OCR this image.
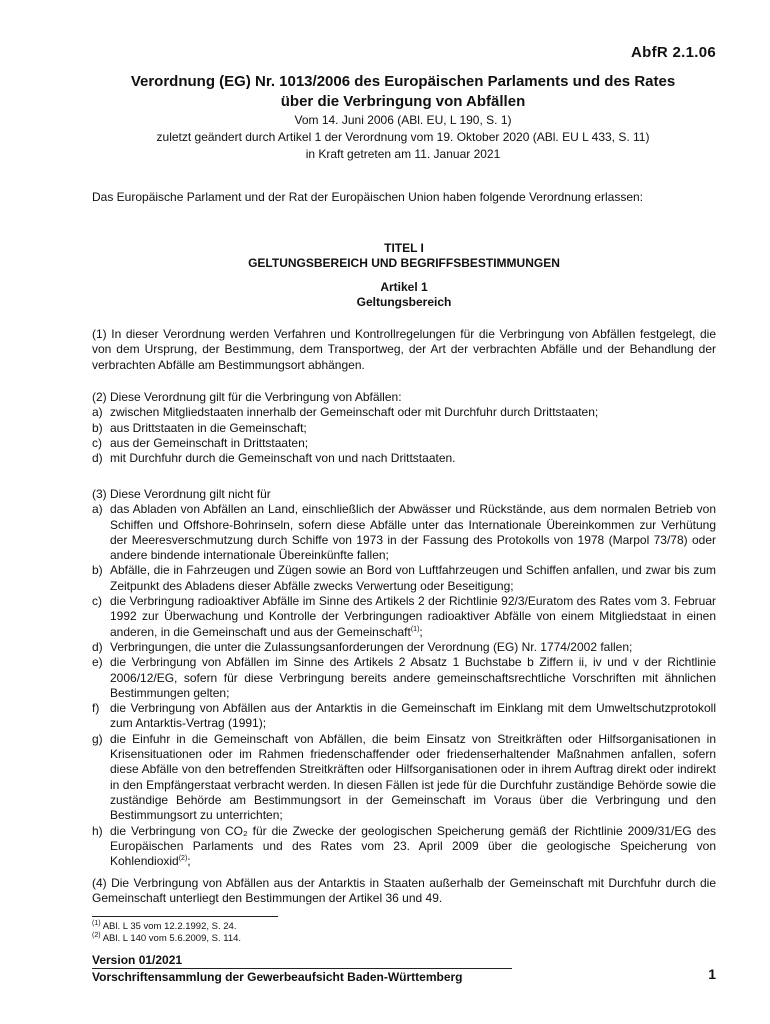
AbfR 2.1.06
Verordnung (EG) Nr. 1013/2006 des Europäischen Parlaments und des Rates
über die Verbringung von Abfällen
Vom 14. Juni 2006 (ABl. EU, L 190, S. 1)
zuletzt geändert durch Artikel 1 der Verordnung vom 19. Oktober 2020 (ABl. EU L 433, S. 11)
in Kraft getreten am 11. Januar 2021
Das Europäische Parlament und der Rat der Europäischen Union haben folgende Verordnung erlassen:
TITEL I
GELTUNGSBEREICH UND BEGRIFFSBESTIMMUNGEN
Artikel 1
Geltungsbereich
(1) In dieser Verordnung werden Verfahren und Kontrollregelungen für die Verbringung von Abfällen festgelegt, die von dem Ursprung, der Bestimmung, dem Transportweg, der Art der verbrachten Abfälle und der Behandlung der verbrachten Abfälle am Bestimmungsort abhängen.
(2) Diese Verordnung gilt für die Verbringung von Abfällen:
a) zwischen Mitgliedstaaten innerhalb der Gemeinschaft oder mit Durchfuhr durch Drittstaaten;
b) aus Drittstaaten in die Gemeinschaft;
c) aus der Gemeinschaft in Drittstaaten;
d) mit Durchfuhr durch die Gemeinschaft von und nach Drittstaaten.
(3) Diese Verordnung gilt nicht für
a) das Abladen von Abfällen an Land, einschließlich der Abwässer und Rückstände, aus dem normalen Betrieb von Schiffen und Offshore-Bohrinseln, sofern diese Abfälle unter das Internationale Übereinkommen zur Verhütung der Meeresverschmutzung durch Schiffe von 1973 in der Fassung des Protokolls von 1978 (Marpol 73/78) oder andere bindende internationale Übereinkünfte fallen;
b) Abfälle, die in Fahrzeugen und Zügen sowie an Bord von Luftfahrzeugen und Schiffen anfallen, und zwar bis zum Zeitpunkt des Abladens dieser Abfälle zwecks Verwertung oder Beseitigung;
c) die Verbringung radioaktiver Abfälle im Sinne des Artikels 2 der Richtlinie 92/3/Euratom des Rates vom 3. Februar 1992 zur Überwachung und Kontrolle der Verbringungen radioaktiver Abfälle von einem Mitgliedstaat in einen anderen, in die Gemeinschaft und aus der Gemeinschaft$^{(1)}$;
d) Verbringungen, die unter die Zulassungsanforderungen der Verordnung (EG) Nr. 1774/2002 fallen;
e) die Verbringung von Abfällen im Sinne des Artikels 2 Absatz 1 Buchstabe b Ziffern ii, iv und v der Richtlinie 2006/12/EG, sofern für diese Verbringung bereits andere gemeinschaftsrechtliche Vorschriften mit ähnlichen Bestimmungen gelten;
f) die Verbringung von Abfällen aus der Antarktis in die Gemeinschaft im Einklang mit dem Umweltschutzprotokoll zum Antarktis-Vertrag (1991);
g) die Einfuhr in die Gemeinschaft von Abfällen, die beim Einsatz von Streitkräften oder Hilfsorganisationen in Krisensituationen oder im Rahmen friedenschaffender oder friedenserhaltender Maßnahmen anfallen, sofern diese Abfälle von den betreffenden Streitkräften oder Hilfsorganisationen oder in ihrem Auftrag direkt oder indirekt in den Empfängerstaat verbracht werden. In diesen Fällen ist jede für die Durchfuhr zuständige Behörde sowie die zuständige Behörde am Bestimmungsort in der Gemeinschaft im Voraus über die Verbringung und den Bestimmungsort zu unterrichten;
h) die Verbringung von CO₂ für die Zwecke der geologischen Speicherung gemäß der Richtlinie 2009/31/EG des Europäischen Parlaments und des Rates vom 23. April 2009 über die geologische Speicherung von Kohlendioxid$^{(2)}$;
(4) Die Verbringung von Abfällen aus der Antarktis in Staaten außerhalb der Gemeinschaft mit Durchfuhr durch die Gemeinschaft unterliegt den Bestimmungen der Artikel 36 und 49.
$^{(1)}$ ABl. L 35 vom 12.2.1992, S. 24.
$^{(2)}$ ABl. L 140 vom 5.6.2009, S. 114.
Version 01/2021
Vorschriftensammlung der Gewerbeaufsicht Baden-Württemberg	1
